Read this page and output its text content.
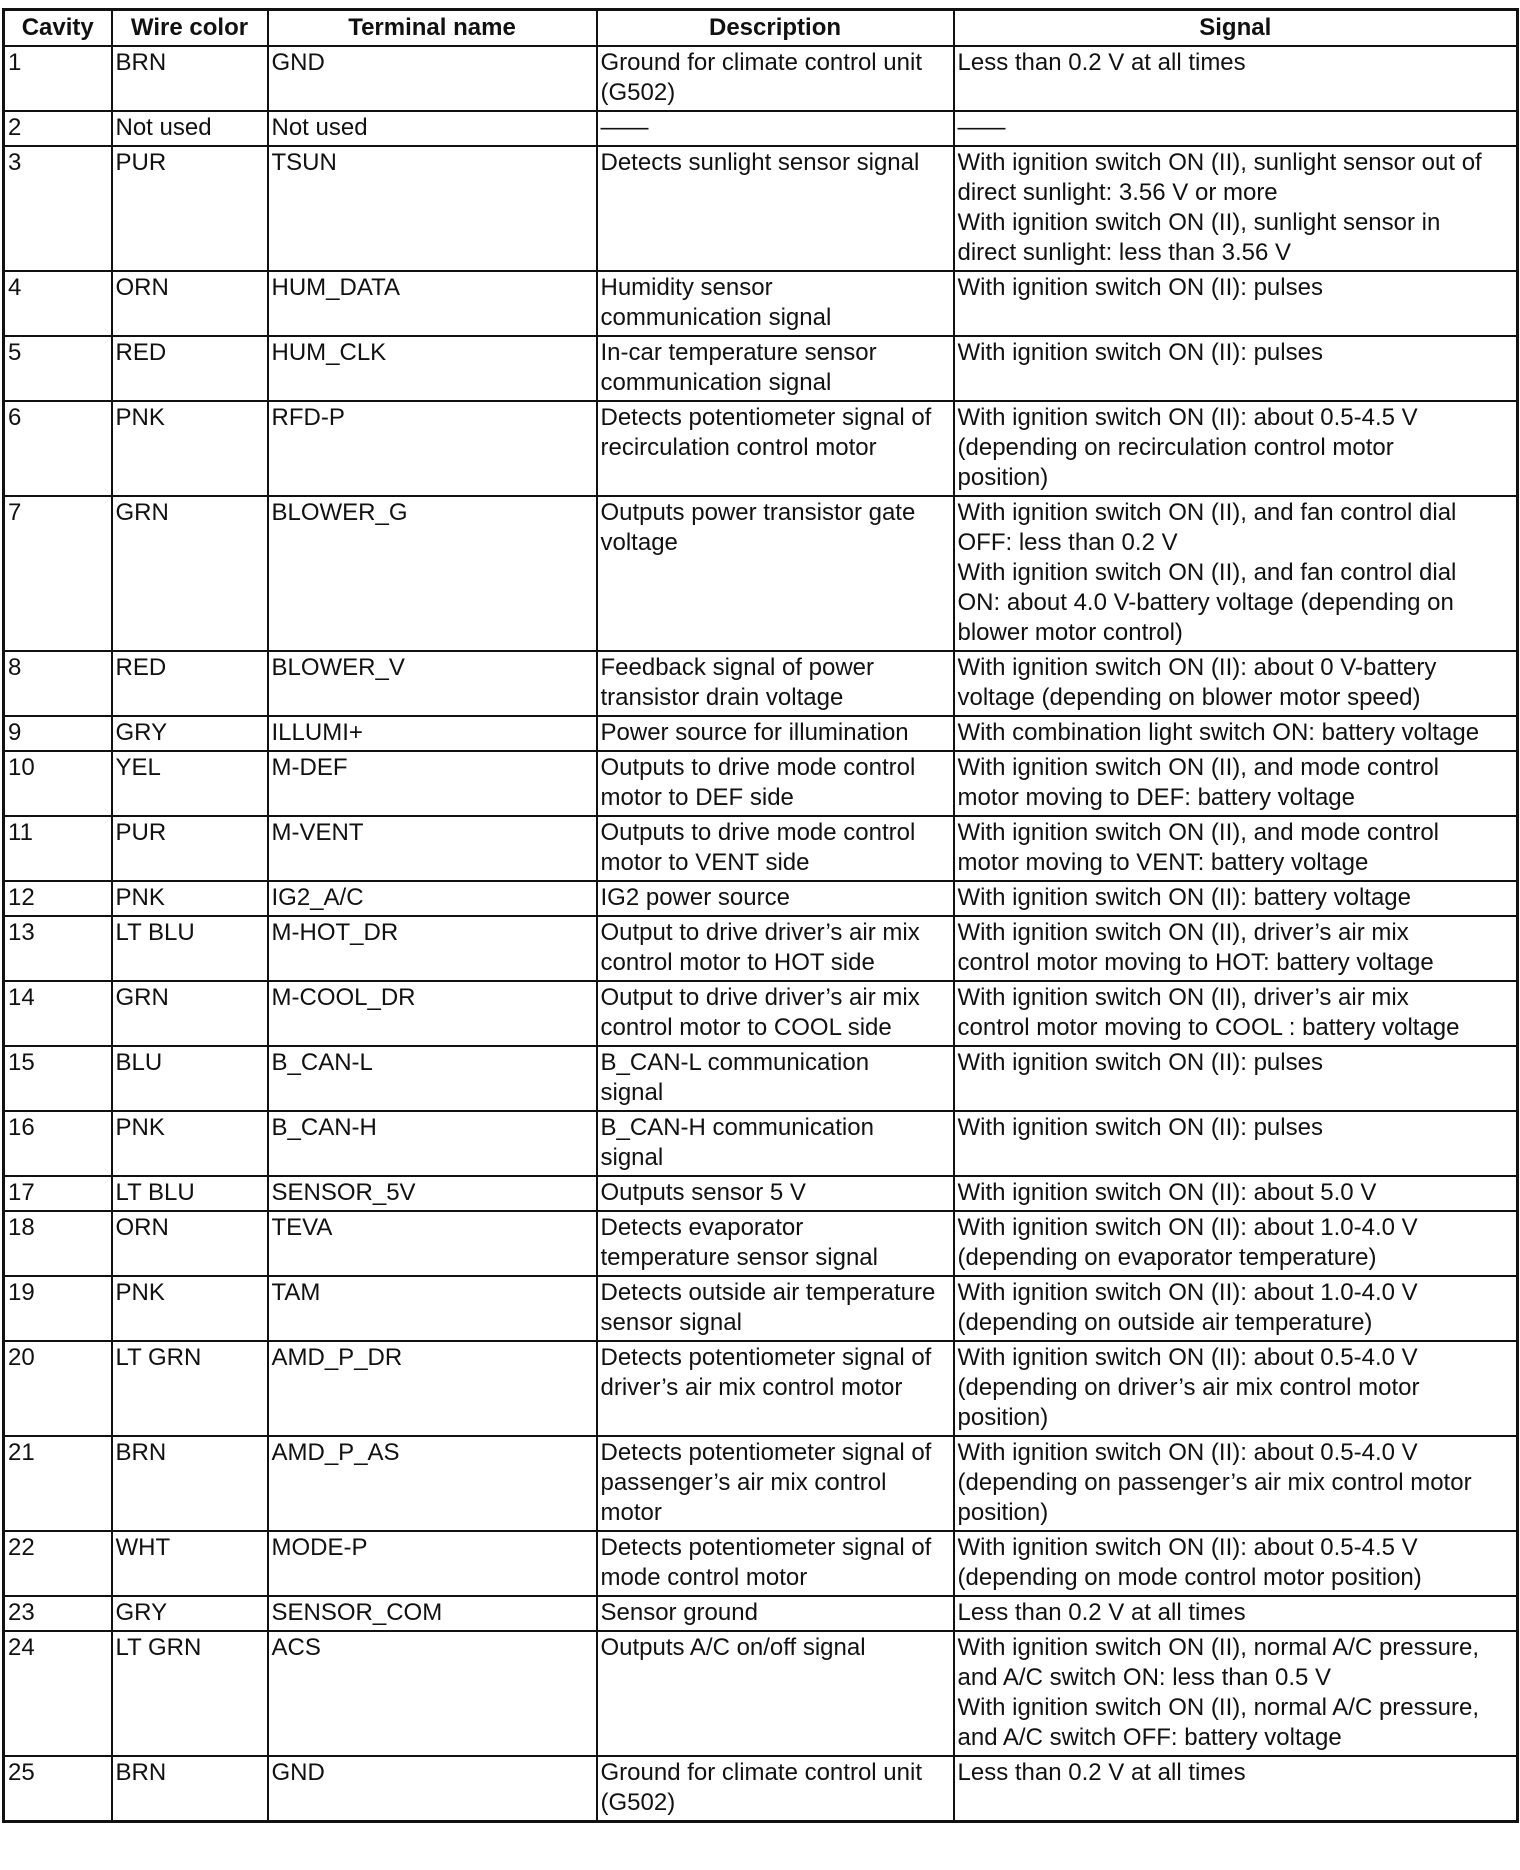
Cavity	Wire color	Terminal name	Description	Signal

1	BRN	GND	Ground for climate control unit
(G502)	Less than 0.2 V at all times

2	Not used	Not used	——	——

3	PUR	TSUN	Detects sunlight sensor signal	With ignition switch ON (II), sunlight sensor out of
direct sunlight: 3.56 V or more
With ignition switch ON (II), sunlight sensor in
direct sunlight: less than 3.56 V

4	ORN	HUM_DATA	Humidity sensor
communication signal	With ignition switch ON (II): pulses

5	RED	HUM_CLK	In-car temperature sensor
communication signal	With ignition switch ON (II): pulses

6	PNK	RFD-P	Detects potentiometer signal of
recirculation control motor	With ignition switch ON (II): about 0.5-4.5 V
(depending on recirculation control motor
position)

7	GRN	BLOWER_G	Outputs power transistor gate
voltage	With ignition switch ON (II), and fan control dial
OFF: less than 0.2 V
With ignition switch ON (II), and fan control dial
ON: about 4.0 V-battery voltage (depending on
blower motor control)

8	RED	BLOWER_V	Feedback signal of power
transistor drain voltage	With ignition switch ON (II): about 0 V-battery
voltage (depending on blower motor speed)

9	GRY	ILLUMI+	Power source for illumination	With combination light switch ON: battery voltage

10	YEL	M-DEF	Outputs to drive mode control
motor to DEF side	With ignition switch ON (II), and mode control
motor moving to DEF: battery voltage

11	PUR	M-VENT	Outputs to drive mode control
motor to VENT side	With ignition switch ON (II), and mode control
motor moving to VENT: battery voltage

12	PNK	IG2_A/C	IG2 power source	With ignition switch ON (II): battery voltage

13	LT BLU	M-HOT_DR	Output to drive driver’s air mix
control motor to HOT side	With ignition switch ON (II), driver’s air mix
control motor moving to HOT: battery voltage

14	GRN	M-COOL_DR	Output to drive driver’s air mix
control motor to COOL side	With ignition switch ON (II), driver’s air mix
control motor moving to COOL : battery voltage

15	BLU	B_CAN-L	B_CAN-L communication
signal	With ignition switch ON (II): pulses

16	PNK	B_CAN-H	B_CAN-H communication
signal	With ignition switch ON (II): pulses

17	LT BLU	SENSOR_5V	Outputs sensor 5 V	With ignition switch ON (II): about 5.0 V

18	ORN	TEVA	Detects evaporator
temperature sensor signal	With ignition switch ON (II): about 1.0-4.0 V
(depending on evaporator temperature)

19	PNK	TAM	Detects outside air temperature
sensor signal	With ignition switch ON (II): about 1.0-4.0 V
(depending on outside air temperature)

20	LT GRN	AMD_P_DR	Detects potentiometer signal of
driver’s air mix control motor	With ignition switch ON (II): about 0.5-4.0 V
(depending on driver’s air mix control motor
position)

21	BRN	AMD_P_AS	Detects potentiometer signal of
passenger’s air mix control
motor	With ignition switch ON (II): about 0.5-4.0 V
(depending on passenger’s air mix control motor
position)

22	WHT	MODE-P	Detects potentiometer signal of
mode control motor	With ignition switch ON (II): about 0.5-4.5 V
(depending on mode control motor position)

23	GRY	SENSOR_COM	Sensor ground	Less than 0.2 V at all times

24	LT GRN	ACS	Outputs A/C on/off signal	With ignition switch ON (II), normal A/C pressure,
and A/C switch ON: less than 0.5 V
With ignition switch ON (II), normal A/C pressure,
and A/C switch OFF: battery voltage

25	BRN	GND	Ground for climate control unit
(G502)	Less than 0.2 V at all times
